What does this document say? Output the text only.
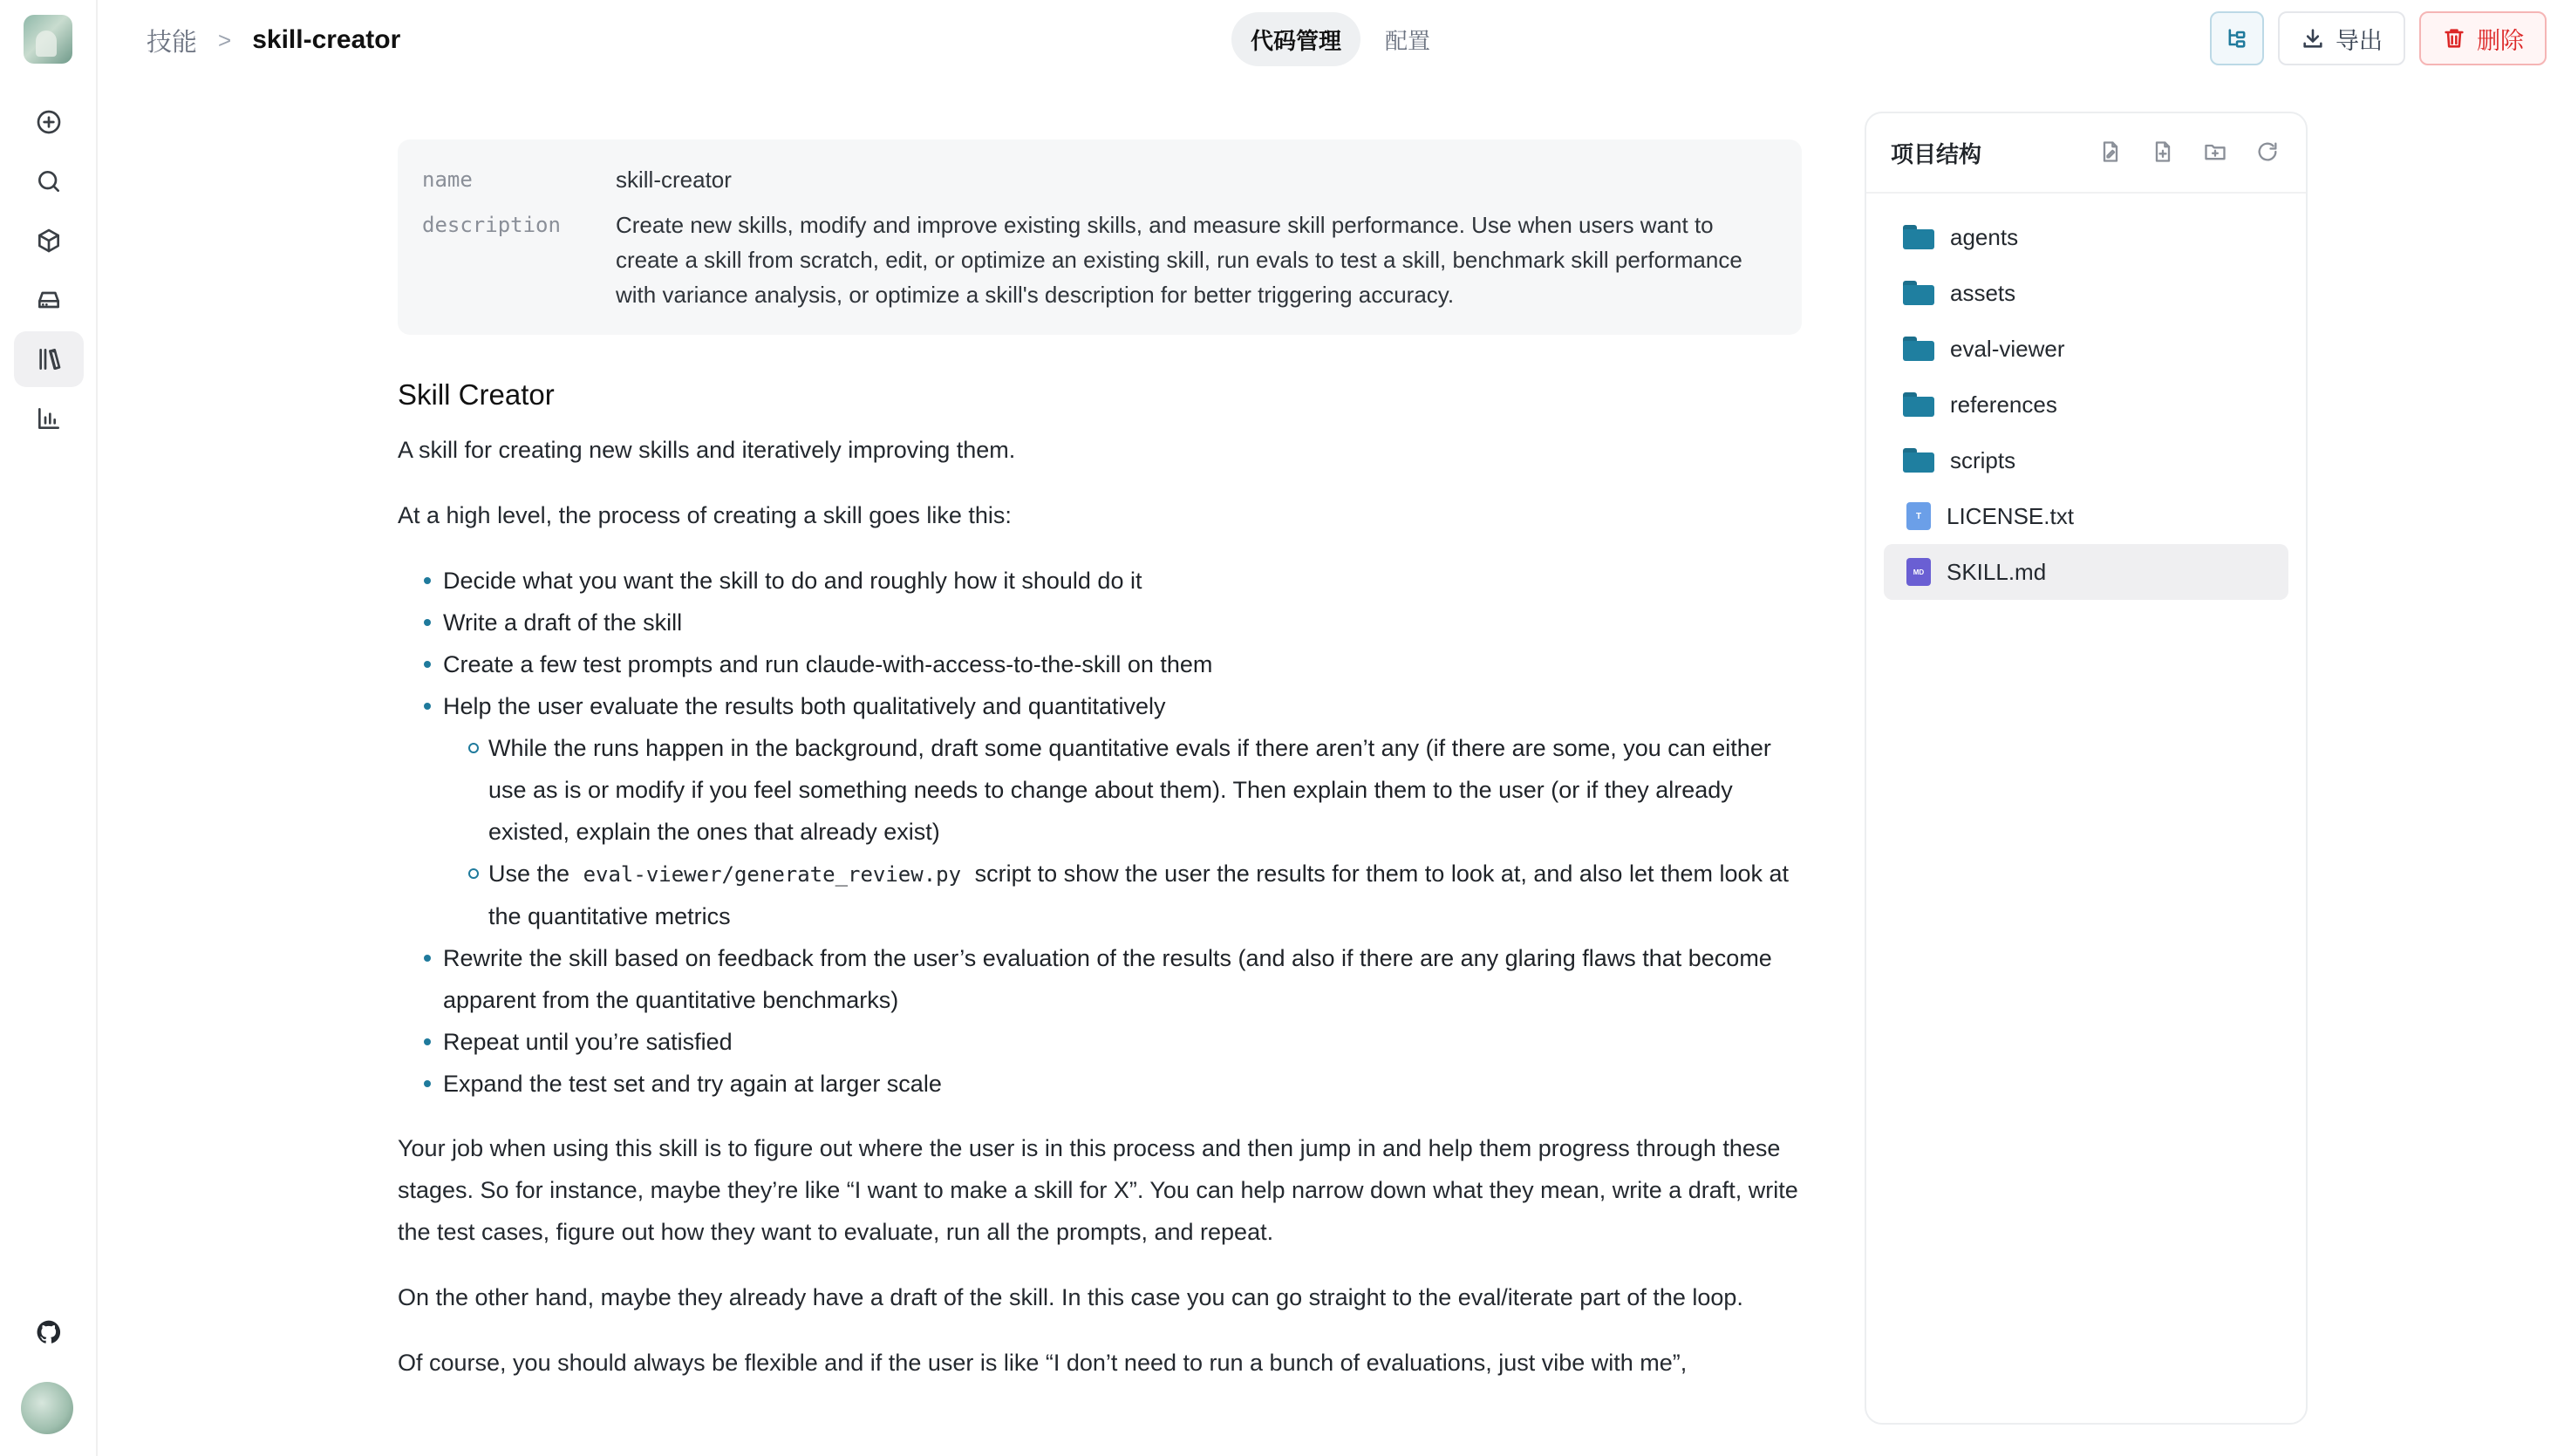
技能 > skill-creator	代码管理	配置	导出	删除
name	skill-creator
description	Create new skills, modify and improve existing skills, and measure skill performance. Use when users want to create a skill from scratch, edit, or optimize an existing skill, run evals to test a skill, benchmark skill performance with variance analysis, or optimize a skill's description for better triggering accuracy.
Skill Creator

A skill for creating new skills and iteratively improving them.

At a high level, the process of creating a skill goes like this:

Decide what you want the skill to do and roughly how it should do it
Write a draft of the skill
Create a few test prompts and run claude-with-access-to-the-skill on them
Help the user evaluate the results both qualitatively and quantitatively
While the runs happen in the background, draft some quantitative evals if there aren’t any (if there are some, you can either use as is or modify if you feel something needs to change about them). Then explain them to the user (or if they already existed, explain the ones that already exist)
Use the eval-viewer/generate_review.py script to show the user the results for them to look at, and also let them look at the quantitative metrics
Rewrite the skill based on feedback from the user’s evaluation of the results (and also if there are any glaring flaws that become apparent from the quantitative benchmarks)
Repeat until you’re satisfied
Expand the test set and try again at larger scale

Your job when using this skill is to figure out where the user is in this process and then jump in and help them progress through these stages. So for instance, maybe they’re like “I want to make a skill for X”. You can help narrow down what they mean, write a draft, write the test cases, figure out how they want to evaluate, run all the prompts, and repeat.

On the other hand, maybe they already have a draft of the skill. In this case you can go straight to the eval/iterate part of the loop.

Of course, you should always be flexible and if the user is like “I don’t need to run a bunch of evaluations, just vibe with me”,

项目结构
agents
assets
eval-viewer
references
scripts
T	LICENSE.txt
MD SKILL.md
